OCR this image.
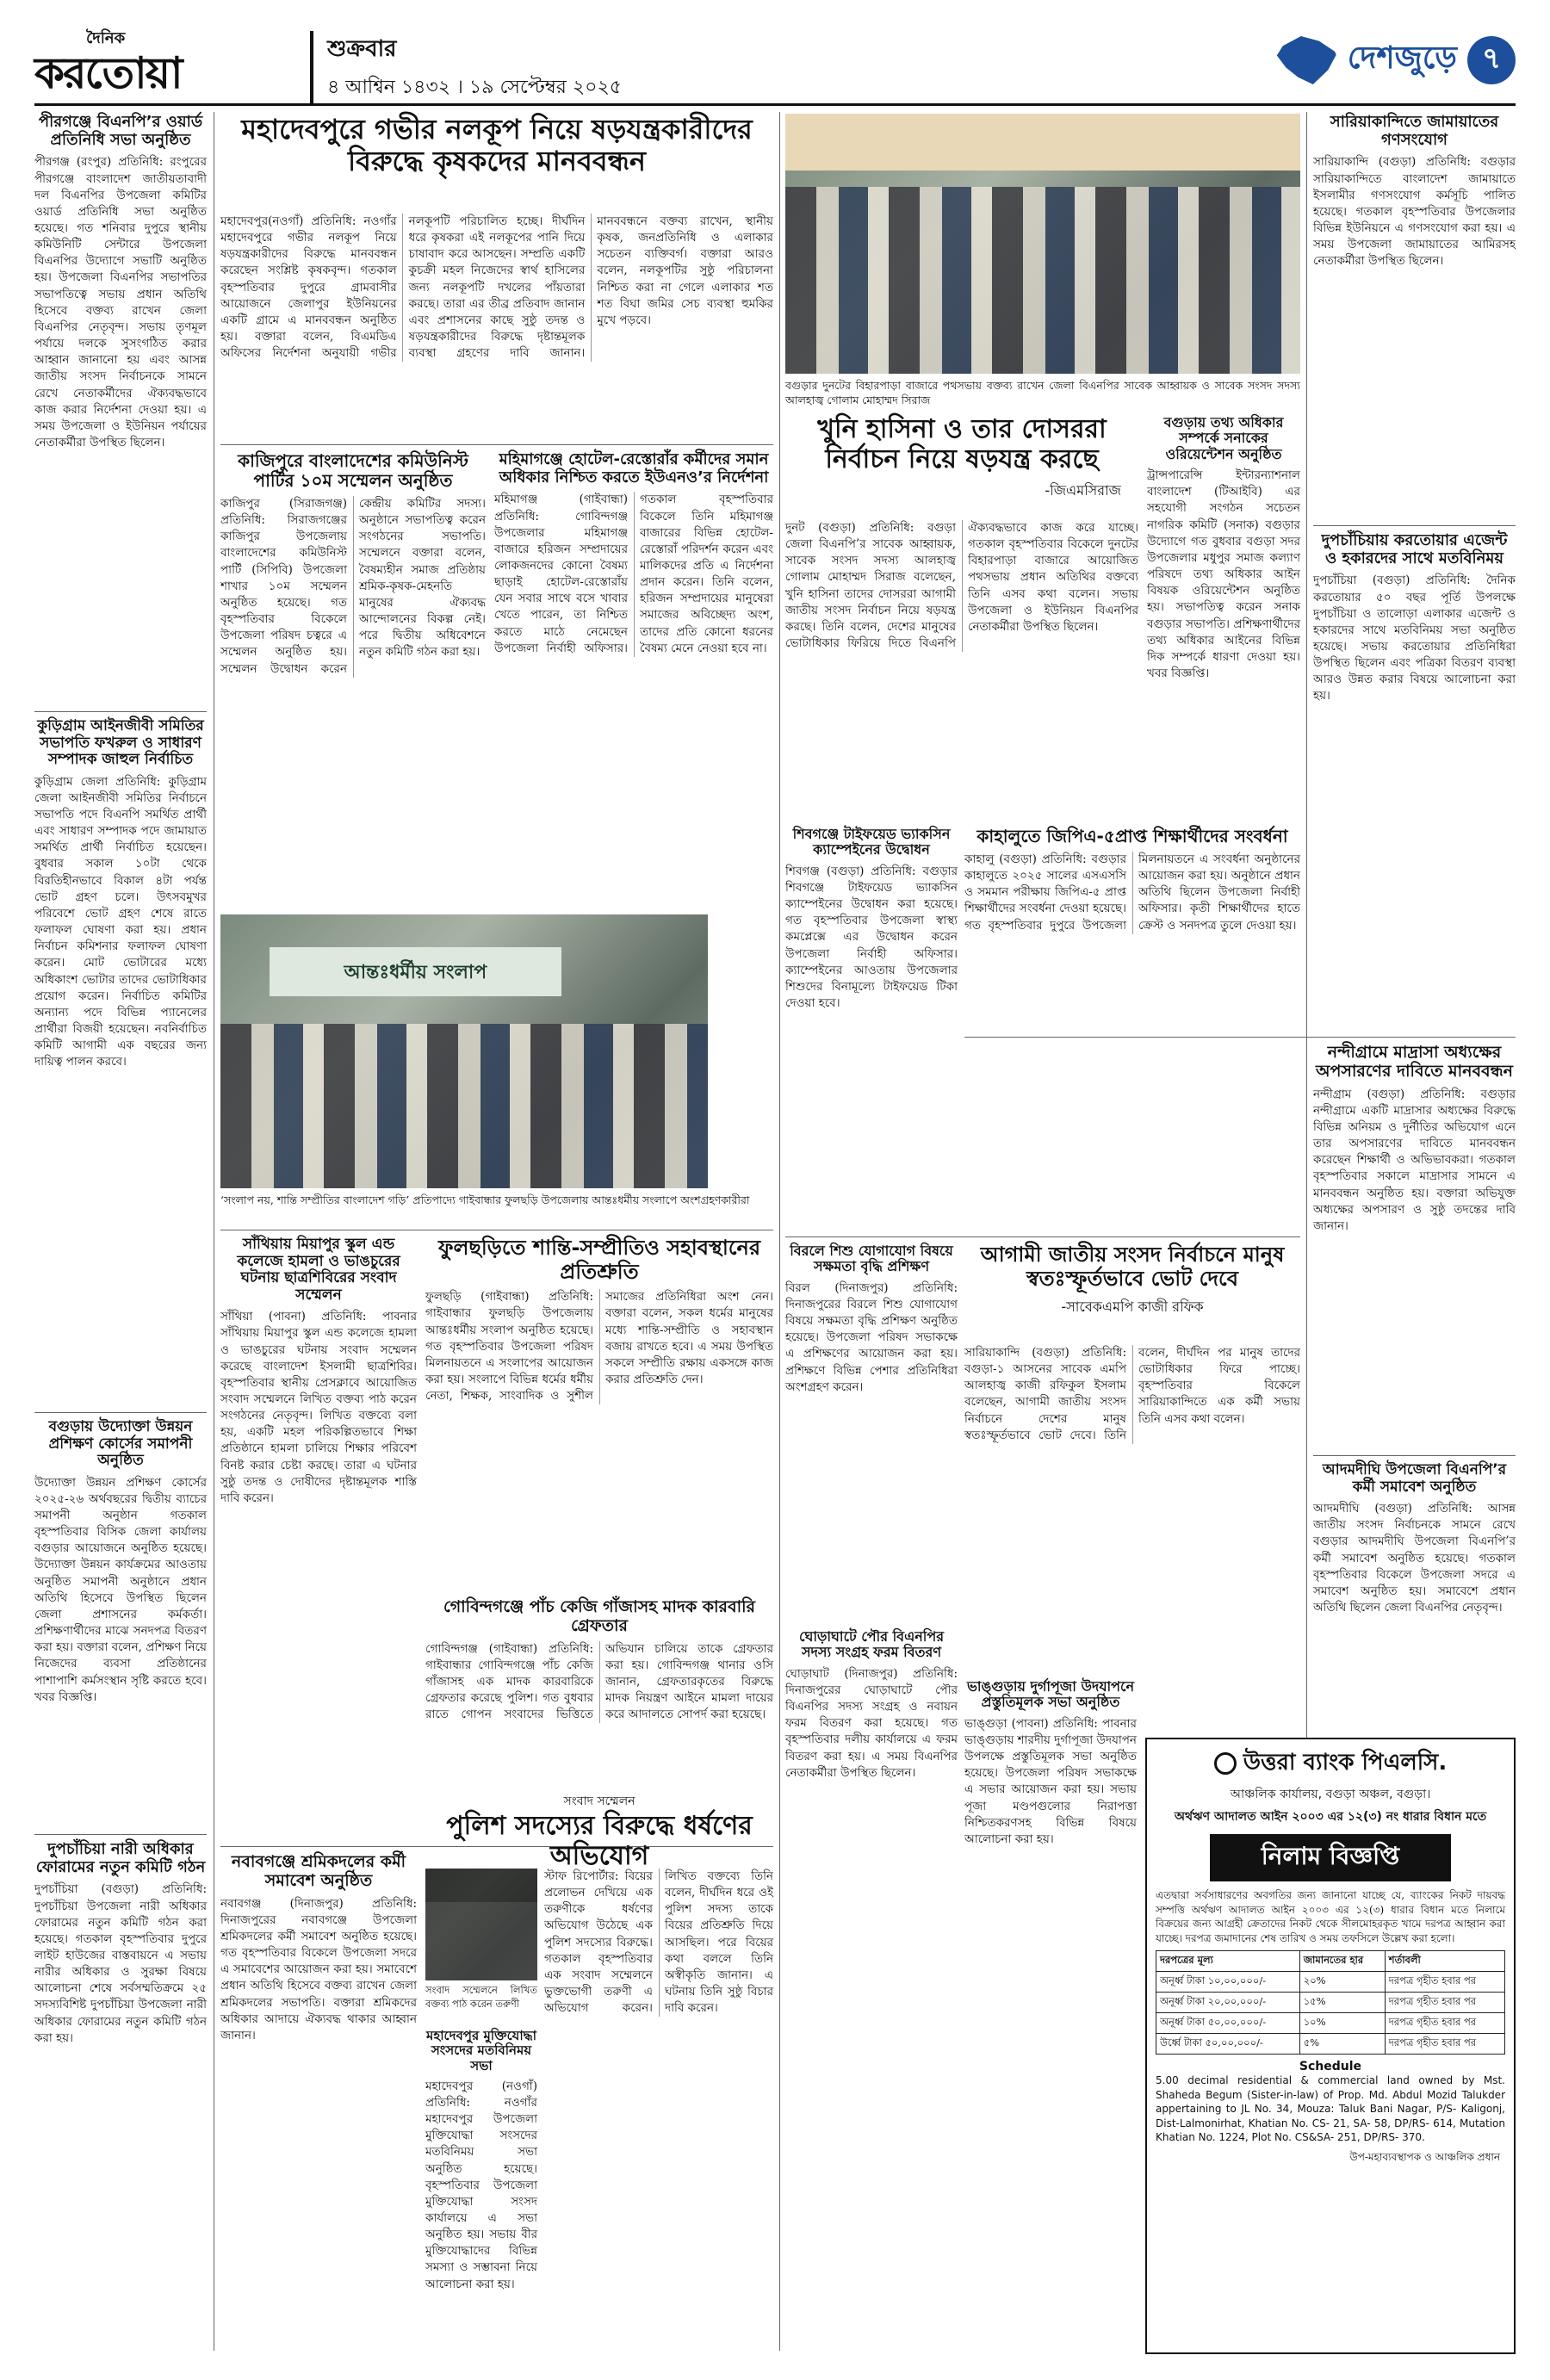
দৈনিক
করতোয়া	শুক্রবার
৪ আশ্বিন ১৪৩২ । ১৯ সেপ্টেম্বর ২০২৫
দেশজুড়ে ৭
পীরগঞ্জে বিএনপি’র ওয়ার্ড প্রতিনিধি সভা অনুষ্ঠিত
পীরগঞ্জ (রংপুর) প্রতিনিধি: রংপুরের পীরগঞ্জে বাংলাদেশ জাতীয়তাবাদী দল বিএনপির উপজেলা কমিটির ওয়ার্ড প্রতিনিধি সভা অনুষ্ঠিত হয়েছে। গত শনিবার দুপুরে স্থানীয় কমিউনিটি সেন্টারে উপজেলা বিএনপির উদ্যোগে সভাটি অনুষ্ঠিত হয়। উপজেলা বিএনপির সভাপতির সভাপতিত্বে সভায় প্রধান অতিথি হিসেবে বক্তব্য রাখেন জেলা বিএনপির নেতৃবৃন্দ। সভায় তৃণমূল পর্যায়ে দলকে সুসংগঠিত করার আহ্বান জানানো হয় এবং আসন্ন জাতীয় সংসদ নির্বাচনকে সামনে রেখে নেতাকর্মীদের ঐক্যবদ্ধভাবে কাজ করার নির্দেশনা দেওয়া হয়। এ সময় উপজেলা ও ইউনিয়ন পর্যায়ের নেতাকর্মীরা উপস্থিত ছিলেন।
কুড়িগ্রাম আইনজীবী সমিতির সভাপতি ফখরুল ও সাধারণ সম্পাদক জাহুল নির্বাচিত
কুড়িগ্রাম জেলা প্রতিনিধি: কুড়িগ্রাম জেলা আইনজীবী সমিতির নির্বাচনে সভাপতি পদে বিএনপি সমর্থিত প্রার্থী এবং সাধারণ সম্পাদক পদে জামায়াত সমর্থিত প্রার্থী নির্বাচিত হয়েছেন। বুধবার সকাল ১০টা থেকে বিরতিহীনভাবে বিকাল ৪টা পর্যন্ত ভোট গ্রহণ চলে। উৎসবমুখর পরিবেশে ভোট গ্রহণ শেষে রাতে ফলাফল ঘোষণা করা হয়। প্রধান নির্বাচন কমিশনার ফলাফল ঘোষণা করেন। মোট ভোটারের মধ্যে অধিকাংশ ভোটার তাদের ভোটাধিকার প্রয়োগ করেন। নির্বাচিত কমিটির অন্যান্য পদে বিভিন্ন প্যানেলের প্রার্থীরা বিজয়ী হয়েছেন। নবনির্বাচিত কমিটি আগামী এক বছরের জন্য দায়িত্ব পালন করবে।
বগুড়ায় উদ্যোক্তা উন্নয়ন প্রশিক্ষণ কোর্সের সমাপনী অনুষ্ঠিত
উদ্যোক্তা উন্নয়ন প্রশিক্ষণ কোর্সের ২০২৫-২৬ অর্থবছরের দ্বিতীয় ব্যাচের সমাপনী অনুষ্ঠান গতকাল বৃহস্পতিবার বিসিক জেলা কার্যালয় বগুড়ার আয়োজনে অনুষ্ঠিত হয়েছে। উদ্যোক্তা উন্নয়ন কার্যক্রমের আওতায় অনুষ্ঠিত সমাপনী অনুষ্ঠানে প্রধান অতিথি হিসেবে উপস্থিত ছিলেন জেলা প্রশাসনের কর্মকর্তা। প্রশিক্ষণার্থীদের মাঝে সনদপত্র বিতরণ করা হয়। বক্তারা বলেন, প্রশিক্ষণ নিয়ে নিজেদের ব্যবসা প্রতিষ্ঠানের পাশাপাশি কর্মসংস্থান সৃষ্টি করতে হবে। খবর বিজ্ঞপ্তি।
দুপচাঁচিয়া নারী অধিকার ফোরামের নতুন কমিটি গঠন
দুপচাঁচিয়া (বগুড়া) প্রতিনিধি: দুপচাঁচিয়া উপজেলা নারী অধিকার ফোরামের নতুন কমিটি গঠন করা হয়েছে। গতকাল বৃহস্পতিবার দুপুরে লাইট হাউজের বাস্তবায়নে এ সভায় নারীর অধিকার ও সুরক্ষা বিষয়ে আলোচনা শেষে সর্বসম্মতিক্রমে ২৫ সদস্যবিশিষ্ট দুপচাঁচিয়া উপজেলা নারী অধিকার ফোরামের নতুন কমিটি গঠন করা হয়।
মহাদেবপুরে গভীর নলকূপ নিয়ে ষড়যন্ত্রকারীদের বিরুদ্ধে কৃষকদের মানববন্ধন
মহাদেবপুর(নওগাঁ) প্রতিনিধি: নওগাঁর মহাদেবপুরে গভীর নলকূপ নিয়ে ষড়যন্ত্রকারীদের বিরুদ্ধে মানববন্ধন করেছেন সংশ্লিষ্ট কৃষকবৃন্দ। গতকাল বৃহস্পতিবার দুপুরে গ্রামবাসীর আয়োজনে জেলাপুর ইউনিয়নের একটি গ্রামে এ মানববন্ধন অনুষ্ঠিত হয়। বক্তারা বলেন, বিএমডিএ অফিসের নির্দেশনা অনুযায়ী গভীর নলকূপটি পরিচালিত হচ্ছে। দীর্ঘদিন ধরে কৃষকরা এই নলকূপের পানি দিয়ে চাষাবাদ করে আসছেন। সম্প্রতি একটি কুচক্রী মহল নিজেদের স্বার্থ হাসিলের জন্য নলকূপটি দখলের পাঁয়তারা করছে। তারা এর তীব্র প্রতিবাদ জানান এবং প্রশাসনের কাছে সুষ্ঠু তদন্ত ও ষড়যন্ত্রকারীদের বিরুদ্ধে দৃষ্টান্তমূলক ব্যবস্থা গ্রহণের দাবি জানান। মানববন্ধনে বক্তব্য রাখেন, স্থানীয় কৃষক, জনপ্রতিনিধি ও এলাকার সচেতন ব্যক্তিবর্গ। বক্তারা আরও বলেন, নলকূপটির সুষ্ঠু পরিচালনা নিশ্চিত করা না গেলে এলাকার শত শত বিঘা জমির সেচ ব্যবস্থা হুমকির মুখে পড়বে।
কাজিপুরে বাংলাদেশের কমিউনিস্ট পার্টির ১০ম সম্মেলন অনুষ্ঠিত
কাজিপুর (সিরাজগঞ্জ) প্রতিনিধি: সিরাজগঞ্জের কাজিপুর উপজেলায় বাংলাদেশের কমিউনিস্ট পার্টি (সিপিবি) উপজেলা শাখার ১০ম সম্মেলন অনুষ্ঠিত হয়েছে। গত বৃহস্পতিবার বিকেলে উপজেলা পরিষদ চত্বরে এ সম্মেলন অনুষ্ঠিত হয়। সম্মেলন উদ্বোধন করেন কেন্দ্রীয় কমিটির সদস্য। অনুষ্ঠানে সভাপতিত্ব করেন সংগঠনের সভাপতি। সম্মেলনে বক্তারা বলেন, বৈষম্যহীন সমাজ প্রতিষ্ঠায় শ্রমিক-কৃষক-মেহনতি মানুষের ঐক্যবদ্ধ আন্দোলনের বিকল্প নেই। পরে দ্বিতীয় অধিবেশনে নতুন কমিটি গঠন করা হয়।
মহিমাগঞ্জে হোটেল-রেস্তোরাঁর কর্মীদের সমান অধিকার নিশ্চিত করতে ইউএনও’র নির্দেশনা
মহিমাগঞ্জ (গাইবান্ধা) প্রতিনিধি: গোবিন্দগঞ্জ উপজেলার মহিমাগঞ্জ বাজারে হরিজন সম্প্রদায়ের লোকজনদের কোনো বৈষম্য ছাড়াই হোটেল-রেস্তোরাঁয় যেন সবার সাথে বসে খাবার খেতে পারেন, তা নিশ্চিত করতে মাঠে নেমেছেন উপজেলা নির্বাহী অফিসার। গতকাল বৃহস্পতিবার বিকেলে তিনি মহিমাগঞ্জ বাজারের বিভিন্ন হোটেল-রেস্তোরাঁ পরিদর্শন করেন এবং মালিকদের প্রতি এ নির্দেশনা প্রদান করেন। তিনি বলেন, হরিজন সম্প্রদায়ের মানুষেরা সমাজের অবিচ্ছেদ্য অংশ, তাদের প্রতি কোনো ধরনের বৈষম্য মেনে নেওয়া হবে না।
আন্তঃধর্মীয় সংলাপ
‘সংলাপ নয়, শান্তি সম্প্রীতির বাংলাদেশ গড়ি’ প্রতিপাদ্যে গাইবান্ধার ফুলছড়ি উপজেলায় আন্তঃধর্মীয় সংলাপে অংশগ্রহণকারীরা
সাঁথিয়ায় মিয়াপুর স্কুল এন্ড কলেজে হামলা ও ভাঙচুরের ঘটনায় ছাত্রশিবিরের সংবাদ সম্মেলন
সাঁথিয়া (পাবনা) প্রতিনিধি: পাবনার সাঁথিয়ায় মিয়াপুর স্কুল এন্ড কলেজে হামলা ও ভাঙচুরের ঘটনায় সংবাদ সম্মেলন করেছে বাংলাদেশ ইসলামী ছাত্রশিবির। বৃহস্পতিবার স্থানীয় প্রেসক্লাবে আয়োজিত সংবাদ সম্মেলনে লিখিত বক্তব্য পাঠ করেন সংগঠনের নেতৃবৃন্দ। লিখিত বক্তব্যে বলা হয়, একটি মহল পরিকল্পিতভাবে শিক্ষা প্রতিষ্ঠানে হামলা চালিয়ে শিক্ষার পরিবেশ বিনষ্ট করার চেষ্টা করছে। তারা এ ঘটনার সুষ্ঠু তদন্ত ও দোষীদের দৃষ্টান্তমূলক শাস্তি দাবি করেন।
ফুলছড়িতে শান্তি-সম্প্রীতিও সহাবস্থানের প্রতিশ্রুতি
ফুলছড়ি (গাইবান্ধা) প্রতিনিধি: গাইবান্ধার ফুলছড়ি উপজেলায় আন্তঃধর্মীয় সংলাপ অনুষ্ঠিত হয়েছে। গত বৃহস্পতিবার উপজেলা পরিষদ মিলনায়তনে এ সংলাপের আয়োজন করা হয়। সংলাপে বিভিন্ন ধর্মের ধর্মীয় নেতা, শিক্ষক, সাংবাদিক ও সুশীল সমাজের প্রতিনিধিরা অংশ নেন। বক্তারা বলেন, সকল ধর্মের মানুষের মধ্যে শান্তি-সম্প্রীতি ও সহাবস্থান বজায় রাখতে হবে। এ সময় উপস্থিত সকলে সম্প্রীতি রক্ষায় একসঙ্গে কাজ করার প্রতিশ্রুতি দেন।
গোবিন্দগঞ্জে পাঁচ কেজি গাঁজাসহ মাদক কারবারি গ্রেফতার
গোবিন্দগঞ্জ (গাইবান্ধা) প্রতিনিধি: গাইবান্ধার গোবিন্দগঞ্জে পাঁচ কেজি গাঁজাসহ এক মাদক কারবারিকে গ্রেফতার করেছে পুলিশ। গত বুধবার রাতে গোপন সংবাদের ভিত্তিতে অভিযান চালিয়ে তাকে গ্রেফতার করা হয়। গোবিন্দগঞ্জ থানার ওসি জানান, গ্রেফতারকৃতের বিরুদ্ধে মাদক নিয়ন্ত্রণ আইনে মামলা দায়ের করে আদালতে সোপর্দ করা হয়েছে।
সংবাদ সম্মেলন
পুলিশ সদস্যের বিরুদ্ধে ধর্ষণের অভিযোগ
সংবাদ সম্মেলনে লিখিত বক্তব্য পাঠ করেন তরুণী
স্টাফ রিপোর্টার: বিয়ের প্রলোভন দেখিয়ে এক তরুণীকে ধর্ষণের অভিযোগ উঠেছে এক পুলিশ সদস্যের বিরুদ্ধে। গতকাল বৃহস্পতিবার এক সংবাদ সম্মেলনে ভুক্তভোগী তরুণী এ অভিযোগ করেন। লিখিত বক্তব্যে তিনি বলেন, দীর্ঘদিন ধরে ওই পুলিশ সদস্য তাকে বিয়ের প্রতিশ্রুতি দিয়ে আসছিল। পরে বিয়ের কথা বললে তিনি অস্বীকৃতি জানান। এ ঘটনায় তিনি সুষ্ঠু বিচার দাবি করেন।
নবাবগঞ্জে শ্রমিকদলের কর্মী সমাবেশ অনুষ্ঠিত
নবাবগঞ্জ (দিনাজপুর) প্রতিনিধি: দিনাজপুরের নবাবগঞ্জে উপজেলা শ্রমিকদলের কর্মী সমাবেশ অনুষ্ঠিত হয়েছে। গত বৃহস্পতিবার বিকেলে উপজেলা সদরে এ সমাবেশের আয়োজন করা হয়। সমাবেশে প্রধান অতিথি হিসেবে বক্তব্য রাখেন জেলা শ্রমিকদলের সভাপতি। বক্তারা শ্রমিকদের অধিকার আদায়ে ঐক্যবদ্ধ থাকার আহ্বান জানান।	মহাদেবপুর মুক্তিযোদ্ধা সংসদের মতবিনিময় সভা
মহাদেবপুর (নওগাঁ) প্রতিনিধি: নওগাঁর মহাদেবপুর উপজেলা মুক্তিযোদ্ধা সংসদের মতবিনিময় সভা অনুষ্ঠিত হয়েছে। বৃহস্পতিবার উপজেলা মুক্তিযোদ্ধা সংসদ কার্যালয়ে এ সভা অনুষ্ঠিত হয়। সভায় বীর মুক্তিযোদ্ধাদের বিভিন্ন সমস্যা ও সম্ভাবনা নিয়ে আলোচনা করা হয়।
বগুড়ার দুনটের বিহারপাড়া বাজারে পথসভায় বক্তব্য রাখেন জেলা বিএনপির সাবেক আহ্বায়ক ও সাবেক সংসদ সদস্য আলহাজ্ব গোলাম মোহাম্মদ সিরাজ
খুনি হাসিনা ও তার দোসররা নির্বাচন নিয়ে ষড়যন্ত্র করছে
-জিএমসিরাজ
দুনট (বগুড়া) প্রতিনিধি: বগুড়া জেলা বিএনপি’র সাবেক আহ্বায়ক, সাবেক সংসদ সদস্য আলহাজ্ব গোলাম মোহাম্মদ সিরাজ বলেছেন, খুনি হাসিনা তাদের দোসররা আগামী জাতীয় সংসদ নির্বাচন নিয়ে ষড়যন্ত্র করছে। তিনি বলেন, দেশের মানুষের ভোটাধিকার ফিরিয়ে দিতে বিএনপি ঐক্যবদ্ধভাবে কাজ করে যাচ্ছে। গতকাল বৃহস্পতিবার বিকেলে দুনটের বিহারপাড়া বাজারে আয়োজিত পথসভায় প্রধান অতিথির বক্তব্যে তিনি এসব কথা বলেন। সভায় উপজেলা ও ইউনিয়ন বিএনপির নেতাকর্মীরা উপস্থিত ছিলেন।
বগুড়ায় তথ্য অধিকার সম্পর্কে সনাকের ওরিয়েন্টেশন অনুষ্ঠিত
ট্রান্সপারেন্সি ইন্টারন্যাশনাল বাংলাদেশ (টিআইবি) এর সহযোগী সংগঠন সচেতন নাগরিক কমিটি (সনাক) বগুড়ার উদ্যোগে গত বুধবার বগুড়া সদর উপজেলার মধুপুর সমাজ কল্যাণ পরিষদে তথ্য অধিকার আইন বিষয়ক ওরিয়েন্টেশন অনুষ্ঠিত হয়। সভাপতিত্ব করেন সনাক বগুড়ার সভাপতি। প্রশিক্ষণার্থীদের তথ্য অধিকার আইনের বিভিন্ন দিক সম্পর্কে ধারণা দেওয়া হয়। খবর বিজ্ঞপ্তি।
কাহালুতে জিপিএ-৫প্রাপ্ত শিক্ষার্থীদের সংবর্ধনা
কাহালু (বগুড়া) প্রতিনিধি: বগুড়ার কাহালুতে ২০২৫ সালের এসএসসি ও সমমান পরীক্ষায় জিপিএ-৫ প্রাপ্ত শিক্ষার্থীদের সংবর্ধনা দেওয়া হয়েছে। গত বৃহস্পতিবার দুপুরে উপজেলা মিলনায়তনে এ সংবর্ধনা অনুষ্ঠানের আয়োজন করা হয়। অনুষ্ঠানে প্রধান অতিথি ছিলেন উপজেলা নির্বাহী অফিসার। কৃতী শিক্ষার্থীদের হাতে ক্রেস্ট ও সনদপত্র তুলে দেওয়া হয়।
শিবগঞ্জে টাইফয়েড ভ্যাকসিন ক্যাম্পেইনের উদ্বোধন
শিবগঞ্জ (বগুড়া) প্রতিনিধি: বগুড়ার শিবগঞ্জে টাইফয়েড ভ্যাকসিন ক্যাম্পেইনের উদ্বোধন করা হয়েছে। গত বৃহস্পতিবার উপজেলা স্বাস্থ্য কমপ্লেক্সে এর উদ্বোধন করেন উপজেলা নির্বাহী অফিসার। ক্যাম্পেইনের আওতায় উপজেলার শিশুদের বিনামূল্যে টাইফয়েড টিকা দেওয়া হবে।
আগামী জাতীয় সংসদ নির্বাচনে মানুষ স্বতঃস্ফূর্তভাবে ভোট দেবে
-সাবেকএমপি কাজী রফিক
সারিয়াকান্দি (বগুড়া) প্রতিনিধি: বগুড়া-১ আসনের সাবেক এমপি আলহাজ্ব কাজী রফিকুল ইসলাম বলেছেন, আগামী জাতীয় সংসদ নির্বাচনে দেশের মানুষ স্বতঃস্ফূর্তভাবে ভোট দেবে। তিনি বলেন, দীর্ঘদিন পর মানুষ তাদের ভোটাধিকার ফিরে পাচ্ছে। বৃহস্পতিবার বিকেলে সারিয়াকান্দিতে এক কর্মী সভায় তিনি এসব কথা বলেন।
বিরলে শিশু যোগাযোগ বিষয়ে সক্ষমতা বৃদ্ধি প্রশিক্ষণ
বিরল (দিনাজপুর) প্রতিনিধি: দিনাজপুরের বিরলে শিশু যোগাযোগ বিষয়ে সক্ষমতা বৃদ্ধি প্রশিক্ষণ অনুষ্ঠিত হয়েছে। উপজেলা পরিষদ সভাকক্ষে এ প্রশিক্ষণের আয়োজন করা হয়। প্রশিক্ষণে বিভিন্ন পেশার প্রতিনিধিরা অংশগ্রহণ করেন।
ঘোড়াঘাটে পৌর বিএনপির সদস্য সংগ্রহ ফরম বিতরণ
ঘোড়াঘাট (দিনাজপুর) প্রতিনিধি: দিনাজপুরের ঘোড়াঘাটে পৌর বিএনপির সদস্য সংগ্রহ ও নবায়ন ফরম বিতরণ করা হয়েছে। গত বৃহস্পতিবার দলীয় কার্যালয়ে এ ফরম বিতরণ করা হয়। এ সময় বিএনপির নেতাকর্মীরা উপস্থিত ছিলেন।
ভাঙ্গুড়ায় দুর্গাপূজা উদযাপনে প্রস্তুতিমূলক সভা অনুষ্ঠিত
ভাঙ্গুড়া (পাবনা) প্রতিনিধি: পাবনার ভাঙ্গুড়ায় শারদীয় দুর্গাপূজা উদযাপন উপলক্ষে প্রস্তুতিমূলক সভা অনুষ্ঠিত হয়েছে। উপজেলা পরিষদ সভাকক্ষে এ সভার আয়োজন করা হয়। সভায় পূজা মণ্ডপগুলোর নিরাপত্তা নিশ্চিতকরণসহ বিভিন্ন বিষয়ে আলোচনা করা হয়।
উত্তরা ব্যাংক পিএলসি.
আঞ্চলিক কার্যালয়, বগুড়া অঞ্চল, বগুড়া।
অর্থঋণ আদালত আইন ২০০৩ এর ১২(৩) নং ধারার বিধান মতে
নিলাম বিজ্ঞপ্তি
এতদ্বারা সর্বসাধারণের অবগতির জন্য জানানো যাচ্ছে যে, ব্যাংকের নিকট দায়বদ্ধ সম্পত্তি অর্থঋণ আদালত আইন ২০০৩ এর ১২(৩) ধারার বিধান মতে নিলামে বিক্রয়ের জন্য আগ্রহী ক্রেতাদের নিকট থেকে সীলমোহরকৃত খামে দরপত্র আহ্বান করা যাচ্ছে। দরপত্র জমাদানের শেষ তারিখ ও সময় তফসিলে উল্লেখ করা হলো।
দরপত্রের মূল্য	জামানতের হার	শর্তাবলী
অনূর্ধ্ব টাকা ১০,০০,০০০/-	২০%	দরপত্র গৃহীত হবার পর
অনূর্ধ্ব টাকা ২০,০০,০০০/-	১৫%	দরপত্র গৃহীত হবার পর
অনূর্ধ্ব টাকা ৫০,০০,০০০/-	১০%	দরপত্র গৃহীত হবার পর
উর্ধ্বে টাকা ৫০,০০,০০০/-	৫%	দরপত্র গৃহীত হবার পর
Schedule
5.00 decimal residential & commercial land owned by Mst. Shaheda Begum (Sister-in-law) of Prop. Md. Abdul Mozid Talukder appertaining to JL No. 34, Mouza: Taluk Bani Nagar, P/S- Kaligonj, Dist-Lalmonirhat, Khatian No. CS- 21, SA- 58, DP/RS- 614, Mutation Khatian No. 1224, Plot No. CS&SA- 251, DP/RS- 370.
উপ-মহাব্যবস্থাপক ও আঞ্চলিক প্রধান
সারিয়াকান্দিতে জামায়াতের গণসংযোগ
সারিয়াকান্দি (বগুড়া) প্রতিনিধি: বগুড়ার সারিয়াকান্দিতে বাংলাদেশ জামায়াতে ইসলামীর গণসংযোগ কর্মসূচি পালিত হয়েছে। গতকাল বৃহস্পতিবার উপজেলার বিভিন্ন ইউনিয়নে এ গণসংযোগ করা হয়। এ সময় উপজেলা জামায়াতের আমিরসহ নেতাকর্মীরা উপস্থিত ছিলেন।
দুপচাঁচিয়ায় করতোয়ার এজেন্ট ও হকারদের সাথে মতবিনিময়
দুপচাঁচিয়া (বগুড়া) প্রতিনিধি: দৈনিক করতোয়ার ৫০ বছর পূর্তি উপলক্ষে দুপচাঁচিয়া ও তালোড়া এলাকার এজেন্ট ও হকারদের সাথে মতবিনিময় সভা অনুষ্ঠিত হয়েছে। সভায় করতোয়ার প্রতিনিধিরা উপস্থিত ছিলেন এবং পত্রিকা বিতরণ ব্যবস্থা আরও উন্নত করার বিষয়ে আলোচনা করা হয়।
নন্দীগ্রামে মাদ্রাসা অধ্যক্ষের অপসারণের দাবিতে মানববন্ধন
নন্দীগ্রাম (বগুড়া) প্রতিনিধি: বগুড়ার নন্দীগ্রামে একটি মাদ্রাসার অধ্যক্ষের বিরুদ্ধে বিভিন্ন অনিয়ম ও দুর্নীতির অভিযোগ এনে তার অপসারণের দাবিতে মানববন্ধন করেছেন শিক্ষার্থী ও অভিভাবকরা। গতকাল বৃহস্পতিবার সকালে মাদ্রাসার সামনে এ মানববন্ধন অনুষ্ঠিত হয়। বক্তারা অভিযুক্ত অধ্যক্ষের অপসারণ ও সুষ্ঠু তদন্তের দাবি জানান।
আদমদীঘি উপজেলা বিএনপি’র কর্মী সমাবেশ অনুষ্ঠিত
আদমদীঘি (বগুড়া) প্রতিনিধি: আসন্ন জাতীয় সংসদ নির্বাচনকে সামনে রেখে বগুড়ার আদমদীঘি উপজেলা বিএনপি’র কর্মী সমাবেশ অনুষ্ঠিত হয়েছে। গতকাল বৃহস্পতিবার বিকেলে উপজেলা সদরে এ সমাবেশ অনুষ্ঠিত হয়। সমাবেশে প্রধান অতিথি ছিলেন জেলা বিএনপির নেতৃবৃন্দ।
